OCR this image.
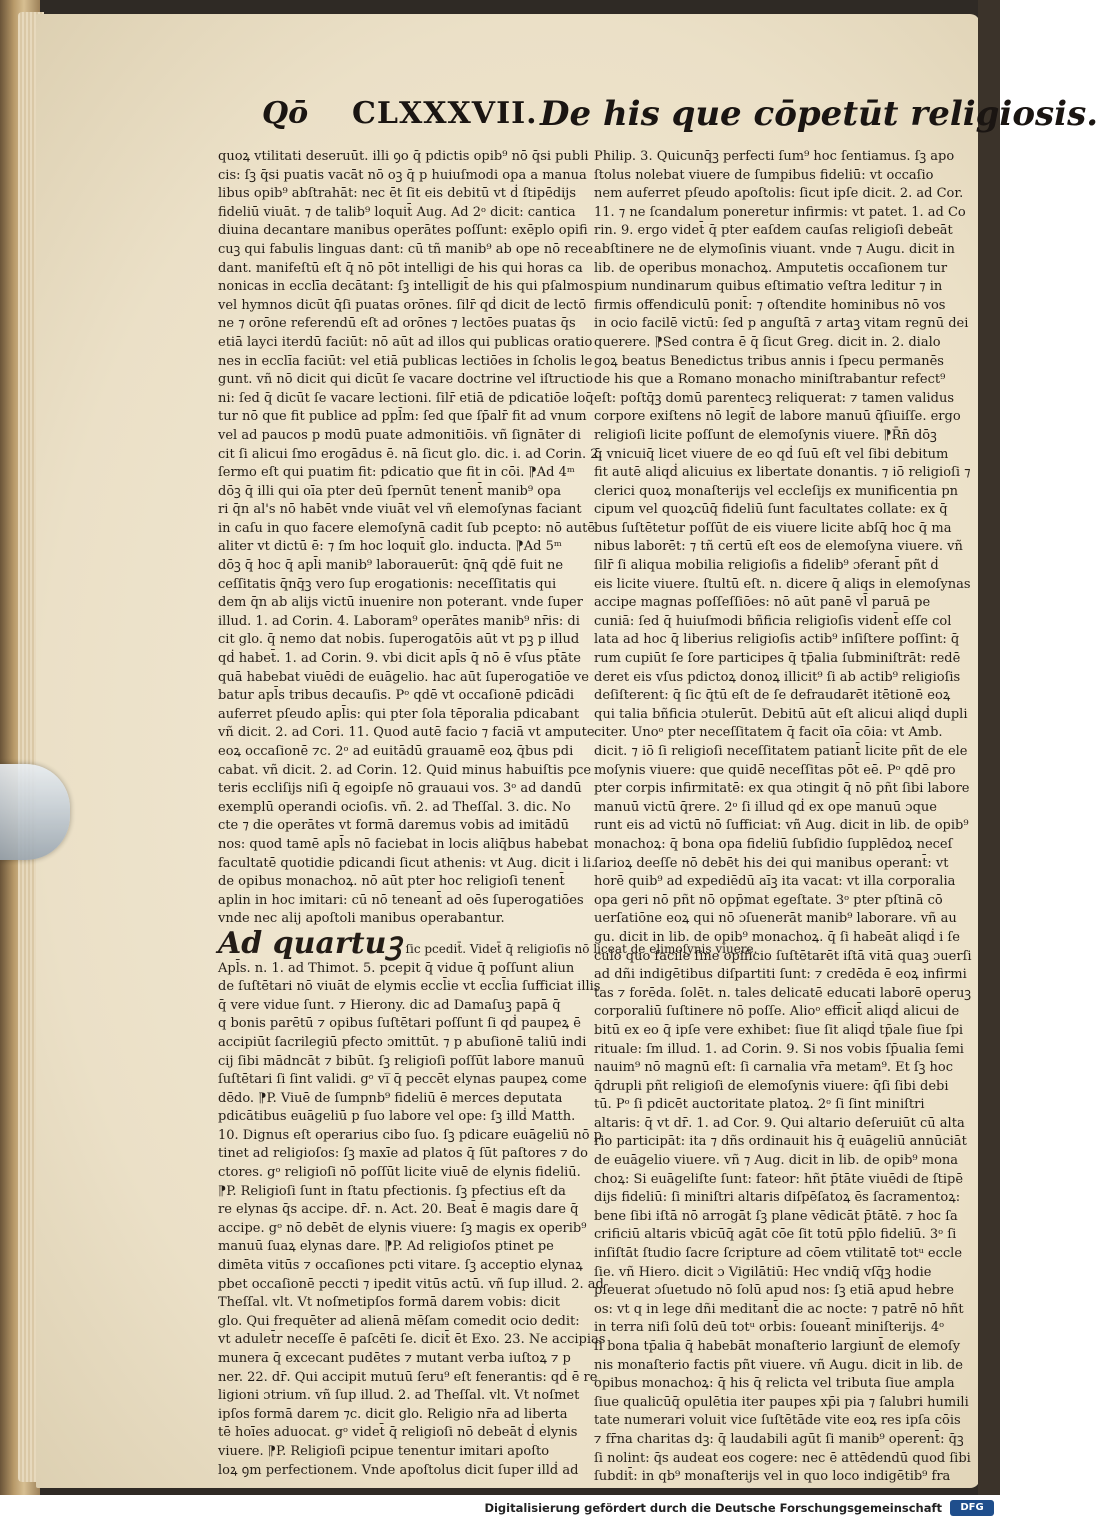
Qō CLXXXVII. De his que cōpetūt religiosis.
quoꝝ vtilitati deseruūt. illi ꝯo q̄ pdictis opib⁹ nō q̄si publi
cis: ſꝫ q̄si puatis vacāt nō oꝫ q̄ p huiuſmodi opa a manua
libus opib⁹ abſtrahāt: nec ēt ſit eis debitū vt ḋ ſtipēdijs
fideliū viuāt. ⁊ de talib⁹ loquit̄ Aug. Ad 2ᵒ dicit: cantica
diuina decantare manibus operātes poſſunt: exēplo opifi
cuꝫ qui fabulis linguas dant: cū tñ manib⁹ ab ope nō rece
dant. manifeſtū eſt q̄ nō pōt intelligi de his qui horas ca
nonicas in ecclīa decātant: ſꝫ intelligit̄ de his qui pſalmos
vel hymnos dicūt q̄ſi puatas orōnes. ſilr̄ qḋ dicit de lectō
ne ⁊ orōne referendū eſt ad orōnes ⁊ lectōes puatas q̄s
etiā layci iterdū faciūt: nō aūt ad illos qui publicas oratio
nes in ecclīa faciūt: vel etiā publicas lectiōes in ſcholis le
gunt. vñ nō dicit qui dicūt ſe vacare doctrine vel iſtructio
ni: ſed q̄ dicūt ſe vacare lectioni. ſilr̄ etiā de pdicatiōe loq̄
tur nō que fit publice ad ppl̄m: ſed que ſp̄alr̄ fit ad vnum
vel ad paucos p modū puate admonitiōis. vñ ſignāter di
cit ſi alicui ſmo erogādus ē. nā ſicut glo. dic. i. ad Corin. 2.
ſermo eſt qui puatim fit: pdicatio que fit in cōi. ⁋Ad 4ᵐ
dōꝫ q̄ illi qui oīa pter deū ſpernūt tenent̄ manib⁹ opa
ri q̄n al's nō habēt vnde viuāt vel vñ elemoſynas faciant
in caſu in quo facere elemoſynā cadit ſub pcepto: nō autē
aliter vt dictū ē: ⁊ ſm hoc loquit̄ glo. inducta. ⁋Ad 5ᵐ
dōꝫ q̄ hoc q̄ apl̄i manib⁹ laborauerūt: q̄nq̄ qḋē fuit ne
ceſſitatis q̄nq̄ꝫ vero ſup erogationis: neceſſitatis qui
dem q̄n ab alijs victū inuenire non poterant. vnde ſuper
illud. 1. ad Corin. 4. Laboram⁹ operātes manib⁹ nr̄is: di
cit glo. q̄ nemo dat nobis. ſuperogatōis aūt vt pꝫ p illud
qḋ habet̄. 1. ad Corin. 9. vbi dicit apl̄s q̄ nō ē vſus pt̄āte
quā habebat viuēdi de euāgelio. hac aūt ſuperogatiōe ve
batur apl̄s tribus decauſis. Pᵒ qdē vt occaſionē pdicādi
auferret pſeudo apl̄is: qui pter ſola tēporalia pdicabant
vñ dicit. 2. ad Cori. 11. Quod autē facio ⁊ faciā vt ampute
eoꝝ occaſionē ⁊c. 2ᵒ ad euitādū grauamē eoꝝ q̄bus pdi
cabat. vñ dicit. 2. ad Corin. 12. Quid minus habuiſtis pce
teris eccliſijs niſi q̄ egoipſe nō grauaui vos. 3ᵒ ad dandū
exemplū operandi ocioſis. vñ. 2. ad Theſſal. 3. dic. No
cte ⁊ die operātes vt formā daremus vobis ad imitādū
nos: quod tamē apl̄s nō faciebat in locis aliq̄bus habebat
facultatē quotidie pdicandi ſicut athenis: vt Aug. dicit i li.
de opibus monachoꝝ. nō aūt pter hoc religioſi tenent̄
aplin in hoc imitari: cū nō teneant̄ ad oēs ſuperogatiōes
vnde nec alij apoſtoli manibus operabantur.
Ad quartuꝫ ſic pcedit̄. Videt̄ q̄ religioſis nō liceat de elimoſynis viuere.
Apl̄s. n. 1. ad Thimot. 5. pcepit q̄ vidue q̄ poſſunt aliun
de ſuſtētari nō viuāt de elymis eccl̄ie vt eccl̄ia ſufficiat illis
q̄ vere vidue ſunt. ⁊ Hierony. dic ad Damaſuꝫ papā q̄
q bonis parētū ⁊ opibus ſuſtētari poſſunt ſi qḋ paupeꝝ ē
accipiūt ſacrilegiū pfecto ɔmittūt. ⁊ p abuſionē taliū indi
cij ſibi mādncāt ⁊ bibūt. ſꝫ religioſi poſſūt labore manuū
ſuſtētari ſi ſint validi. gᵒ vi̅ q̄ peccēt elynas paupeꝝ come
dēdo. ⁋P. Viuē de ſumpnb⁹ fideliū ē merces deputata
pdicātibus euāgeliū p ſuo labore vel ope: ſꝫ illḋ Matth.
10. Dignus eſt operarius cibo ſuo. ſꝫ pdicare euāgeliū nō p
tinet ad religioſos: ſꝫ maxīe ad platos q̄ ſūt paſtores ⁊ do
ctores. gᵒ religioſi nō poſſūt licite viuē de elynis fideliū.
⁋P. Religioſi ſunt in ſtatu pfectionis. ſꝫ pfectius eſt da
re elynas q̄s accipe. dr̄. n. Act. 20. Beat̄ ē magis dare q̄
accipe. gᵒ nō debēt de elynis viuere: ſꝫ magis ex operib⁹
manuū ſuaꝝ elynas dare. ⁋P. Ad religioſos ptinet pe
dimēta vitūs ⁊ occaſiones pcti vitare. ſꝫ acceptio elynaꝝ
pbet occaſionē peccti ⁊ ipedit vitūs actū. vñ ſup illud. 2. ad
Theſſal. vlt. Vt noſmetipſos formā darem vobis: dicit
glo. Qui frequēter ad alienā mēſam comedit ocio dedit:
vt adulet̄r neceſſe ē paſcēti ſe. dicit̄ ēt Exo. 23. Ne accipias
munera q̄ excecant pudētes ⁊ mutant verba iuſtoꝝ ⁊ p
ner. 22. dr̄. Qui accipit mutuū ſeru⁹ eſt fenerantis: qḋ ē re
ligioni ɔtrium. vñ ſup illud. 2. ad Theſſal. vlt. Vt noſmet
ipſos formā darem ⁊c. dicit glo. Religio nr̄a ad liberta
tē hoīes aduocat. gᵒ videt̄ q̄ religioſi nō debeāt ḋ elynis
viuere. ⁋P. Religioſi pcipue tenentur imitari apoſto
loꝝ ꝯm perfectionem. Vnde apoſtolus dicit ſuper illḋ ad
Philip. 3. Quicunq̄ꝫ perfecti ſum⁹ hoc ſentiamus. ſꝫ apo
ſtolus nolebat viuere de ſumpibus fideliū: vt occaſio
nem auferret pſeudo apoſtolis: ſicut ipſe dicit. 2. ad Cor.
11. ⁊ ne ſcandalum poneretur infirmis: vt patet. 1. ad Co
rin. 9. ergo videt̄ q̄ pter eaſdem cauſas religioſi debeāt
abſtinere ne de elymoſinis viuant. vnde ⁊ Augu. dicit in
lib. de operibus monachoꝝ. Amputetis occaſionem tur
pium nundinarum quibus eſtimatio veſtra leditur ⁊ in
firmis offendiculū ponit̄: ⁊ oſtendite hominibus nō vos
in ocio facilē victū: ſed p anguſtā ⁊ artaꝫ vitam regnū dei
querere. ⁋Sed contra ē q̄ ſicut Greg. dicit in. 2. dialo
goꝝ beatus Benedictus tribus annis i ſpecu permanēs
de his que a Romano monacho miniſtrabantur refect⁹
eſt: poſtq̄ꝫ domū parentecꝫ reliquerat: ⁊ tamen validus
corpore exiſtens nō legit̄ de labore manuū q̄ſiuiſſe. ergo
religioſi licite poſſunt de elemoſynis viuere. ⁋R̄n̄ dōꝫ
q̄ vnicuiq̄ licet viuere de eo qḋ ſuū eſt vel ſibi debitum
fit autē aliqḋ alicuius ex libertate donantis. ⁊ iō religioſi ⁊
clerici quoꝝ monaſterijs vel eccleſijs ex munificentia pn
cipum vel quoꝝcūq̄ fideliū ſunt facultates collate: ex q̄
bus ſuſtētetur poſſūt de eis viuere licite abſq̄ hoc q̄ ma
nibus laborēt: ⁊ tñ certū eſt eos de elemoſyna viuere. vñ
ſilr̄ ſi aliqua mobilia religioſis a fidelib⁹ ɔferant̄ pñt ḋ
eis licite viuere. ſtultū eſt. n. dicere q̄ aliqs in elemoſynas
accipe magnas poſſeſſiōes: nō aūt panē vl̄ paruā pe
cuniā: ſed q̄ huiuſmodi bñficia religioſis vident̄ eſſe col
lata ad hoc q̄ liberius religioſis actib⁹ inſiſtere poſſint: q̄
rum cupiūt ſe ſore participes q̄ tp̄alia ſubminiſtrāt: redē
deret eis vſus pdictoꝝ donoꝝ illicit⁹ ſi ab actib⁹ religioſis
deſiſterent: q̄ ſic q̄tū eſt de ſe defraudarēt itētionē eoꝝ
qui talia bñficia ɔtulerūt. Debitū aūt eſt alicui aliqḋ dupli
citer. Unoᵒ pter neceſſitatem q̄ facit oīa cōia: vt Amb.
dicit. ⁊ iō ſi religioſi neceſſitatem patiant̄ licite pñt de ele
moſynis viuere: que quidē neceſſitas pōt eē. Pᵒ qdē pro
pter corpis infirmitatē: ex qua ɔtingit q̄ nō pñt ſibi labore
manuū victū q̄rere. 2ᵒ ſi illud qḋ ex ope manuū ɔque
runt eis ad victū nō ſufficiat: vñ Aug. dicit in lib. de opib⁹
monachoꝝ: q̄ bona opa fideliū ſubſidio ſupplēdoꝝ neceſ
ſarioꝝ deeſſe nō debēt his dei qui manibus operant̄: vt
horē quib⁹ ad expediēdū aīꝫ ita vacat: vt illa corporalia
opa geri nō pñt nō opp̄mat egeſtate. 3ᵒ pter pſtinā cō
uerſatiōne eoꝝ qui nō ɔſuenerāt manib⁹ laborare. vñ au
gu. dicit in lib. de opib⁹ monachoꝝ. q̄ ſi habeāt aliqḋ i ſe
culo quo facile ſine opificio ſuſtētarēt iſtā vitā quaꝫ ɔuerſi
ad dñi indigētibus diſpartiti ſunt: ⁊ credēda ē eoꝝ infirmi
tas ⁊ forēda. ſolēt. n. tales delicatē educati laborē operuꝫ
corporaliū ſuſtinere nō poſſe. Alioᵒ efficit̄ aliqḋ alicui de
bitū ex eo q̄ ipſe vere exhibet: ſiue ſit aliqḋ tp̄ale ſiue ſpi
rituale: ſm illud. 1. ad Corin. 9. Si nos vobis ſp̄ualia ſemi
nauim⁹ nō magnū eſt: ſi carnalia vr̄a metam⁹. Et ſꝫ hoc
q̄drupli pñt religioſi de elemoſynis viuere: q̄ſi ſibi debi
tū. Pᵒ ſi pdicēt auctoritate platoꝝ. 2ᵒ ſi ſint miniſtri
altaris: q̄ vt dr̄. 1. ad Cor. 9. Qui altario deſeruiūt cū alta
rio participāt: ita ⁊ dñs ordinauit his q̄ euāgeliū annūciāt
de euāgelio viuere. vñ ⁊ Aug. dicit in lib. de opib⁹ mona
choꝝ: Si euāgeliſte ſunt: fateor: hñt p̄tāte viuēdi de ſtipē
dijs fideliū: ſi miniſtri altaris diſpēſatoꝝ ēs ſacramentoꝝ:
bene ſibi iſtā nō arrogāt ſꝫ plane vēdicāt p̄tātē. ⁊ hoc ſa
crificiū altaris vbicūq̄ agāt cōe ſit totū pp̄lo fideliū. 3ᵒ ſi
inſiſtāt ſtudio ſacre ſcripture ad cōem vtilitatē totᵘ eccle
ſie. vñ Hiero. dicit ɔ Vigilātiū: Hec vndiq̄ vſq̄ꝫ hodie
pſeuerat ɔſuetudo nō ſolū apud nos: ſꝫ etiā apud hebre
os: vt q in lege dñi meditant̄ die ac nocte: ⁊ patrē nō hñt
in terra niſi ſolū deū totᵘ orbis: ſoueant̄ miniſterijs. 4ᵒ
ſi bona tp̄alia q̄ habebāt monaſterio largiunt̄ de elemoſy
nis monaſterio factis pñt viuere. vñ Augu. dicit in lib. de
opibus monachoꝝ: q̄ his q̄ relicta vel tributa ſiue ampla
ſiue qualicūq̄ opulētia iter paupes xp̄i pia ⁊ ſalubri humili
tate numerari voluit vice ſuſtētāde vite eoꝝ res ipſa cōis
⁊ fr̄na charitas dꝫ: q̄ laudabili agūt ſi manib⁹ operent̄: q̄ꝫ
ſi nolint: q̄s audeat eos cogere: nec ē attēdendū quod ſibi
ſubdit̄: in qb⁹ monaſterijs vel in quo loco indigētib⁹ fra
Digitalisierung gefördert durch die Deutsche Forschungsgemeinschaft	DFG
